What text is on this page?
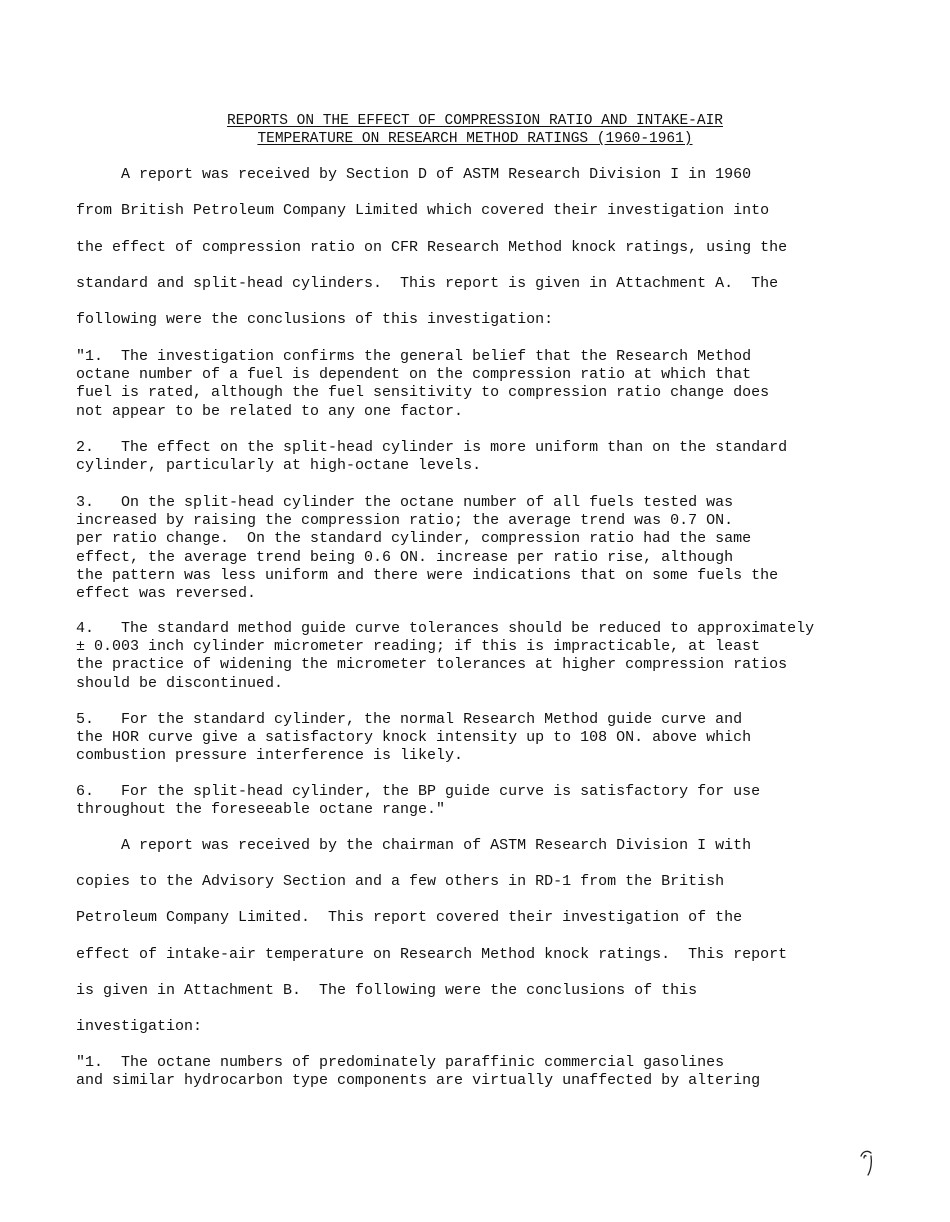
REPORTS ON THE EFFECT OF COMPRESSION RATIO AND INTAKE-AIR
TEMPERATURE ON RESEARCH METHOD RATINGS (1960-1961)
A report was received by Section D of ASTM Research Division I in 1960
from British Petroleum Company Limited which covered their investigation into
the effect of compression ratio on CFR Research Method knock ratings, using the
standard and split-head cylinders.  This report is given in Attachment A.  The
following were the conclusions of this investigation:
"1.  The investigation confirms the general belief that the Research Method
octane number of a fuel is dependent on the compression ratio at which that
fuel is rated, although the fuel sensitivity to compression ratio change does
not appear to be related to any one factor.
2.   The effect on the split-head cylinder is more uniform than on the standard
cylinder, particularly at high-octane levels.
3.   On the split-head cylinder the octane number of all fuels tested was
increased by raising the compression ratio; the average trend was 0.7 ON.
per ratio change.  On the standard cylinder, compression ratio had the same
effect, the average trend being 0.6 ON. increase per ratio rise, although
the pattern was less uniform and there were indications that on some fuels the
effect was reversed.
4.   The standard method guide curve tolerances should be reduced to approximately
± 0.003 inch cylinder micrometer reading; if this is impracticable, at least
the practice of widening the micrometer tolerances at higher compression ratios
should be discontinued.
5.   For the standard cylinder, the normal Research Method guide curve and
the HOR curve give a satisfactory knock intensity up to 108 ON. above which
combustion pressure interference is likely.
6.   For the split-head cylinder, the BP guide curve is satisfactory for use
throughout the foreseeable octane range."
A report was received by the chairman of ASTM Research Division I with
copies to the Advisory Section and a few others in RD-1 from the British
Petroleum Company Limited.  This report covered their investigation of the
effect of intake-air temperature on Research Method knock ratings.  This report
is given in Attachment B.  The following were the conclusions of this
investigation:
"1.  The octane numbers of predominately paraffinic commercial gasolines
and similar hydrocarbon type components are virtually unaffected by altering
